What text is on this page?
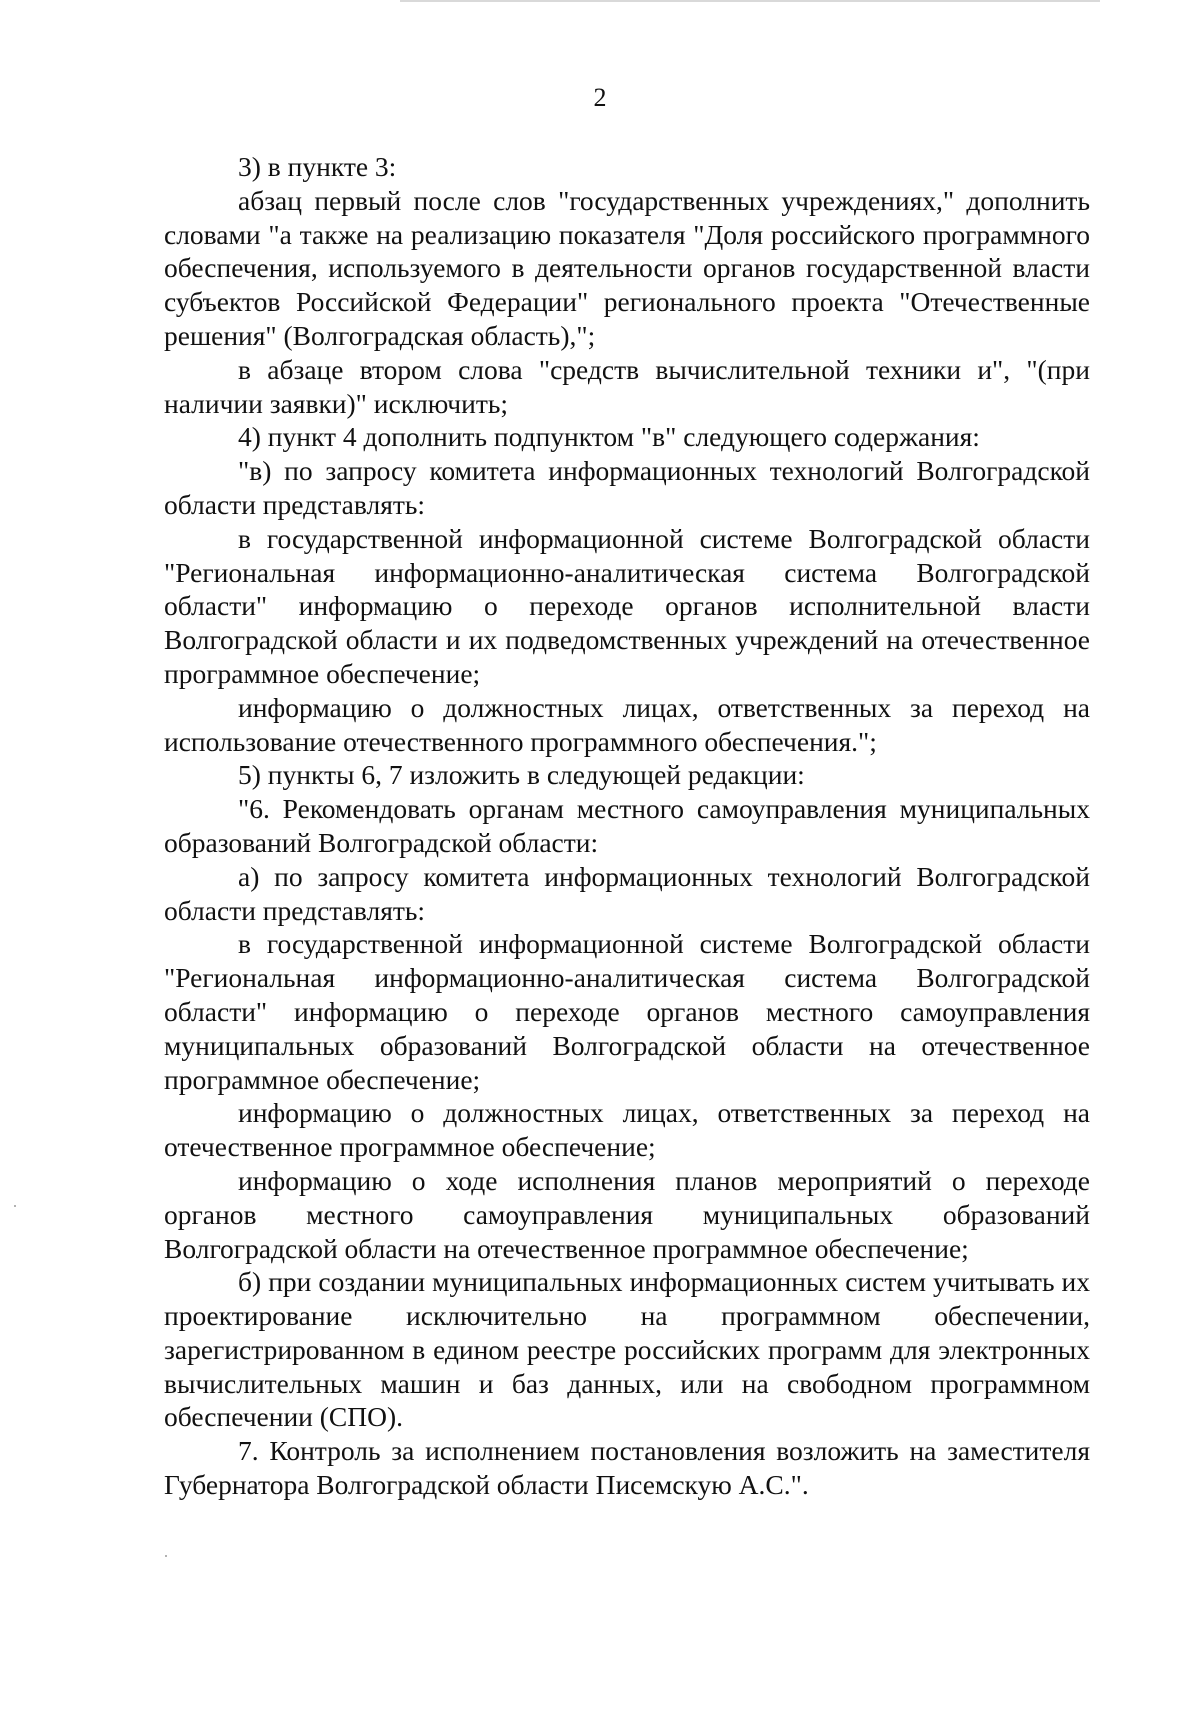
2

3) в пункте 3:

абзац первый после слов "государственных учреждениях," дополнить словами "а также на реализацию показателя "Доля российского программного обеспечения, используемого в деятельности органов государственной власти субъектов Российской Федерации" регионального проекта "Отечественные решения" (Волгоградская область),";

в абзаце втором слова "средств вычислительной техники и", "(при наличии заявки)" исключить;

4) пункт 4 дополнить подпунктом "в" следующего содержания:

"в) по запросу комитета информационных технологий Волгоградской области представлять:

в государственной информационной системе Волгоградской области "Региональная информационно-аналитическая система Волгоградской области" информацию о переходе органов исполнительной власти Волгоградской области и их подведомственных учреждений на отечественное программное обеспечение;

информацию о должностных лицах, ответственных за переход на использование отечественного программного обеспечения.";

5) пункты 6, 7 изложить в следующей редакции:

"6. Рекомендовать органам местного самоуправления муниципальных образований Волгоградской области:

а) по запросу комитета информационных технологий Волгоградской области представлять:

в государственной информационной системе Волгоградской области "Региональная информационно-аналитическая система Волгоградской области" информацию о переходе органов местного самоуправления муниципальных образований Волгоградской области на отечественное программное обеспечение;

информацию о должностных лицах, ответственных за переход на отечественное программное обеспечение;

информацию о ходе исполнения планов мероприятий о переходе органов местного самоуправления муниципальных образований Волгоградской области на отечественное программное обеспечение;

б) при создании муниципальных информационных систем учитывать их проектирование исключительно на программном обеспечении, зарегистрированном в едином реестре российских программ для электронных вычислительных машин и баз данных, или на свободном программном обеспечении (СПО).

7. Контроль за исполнением постановления возложить на заместителя Губернатора Волгоградской области Писемскую А.С.".
